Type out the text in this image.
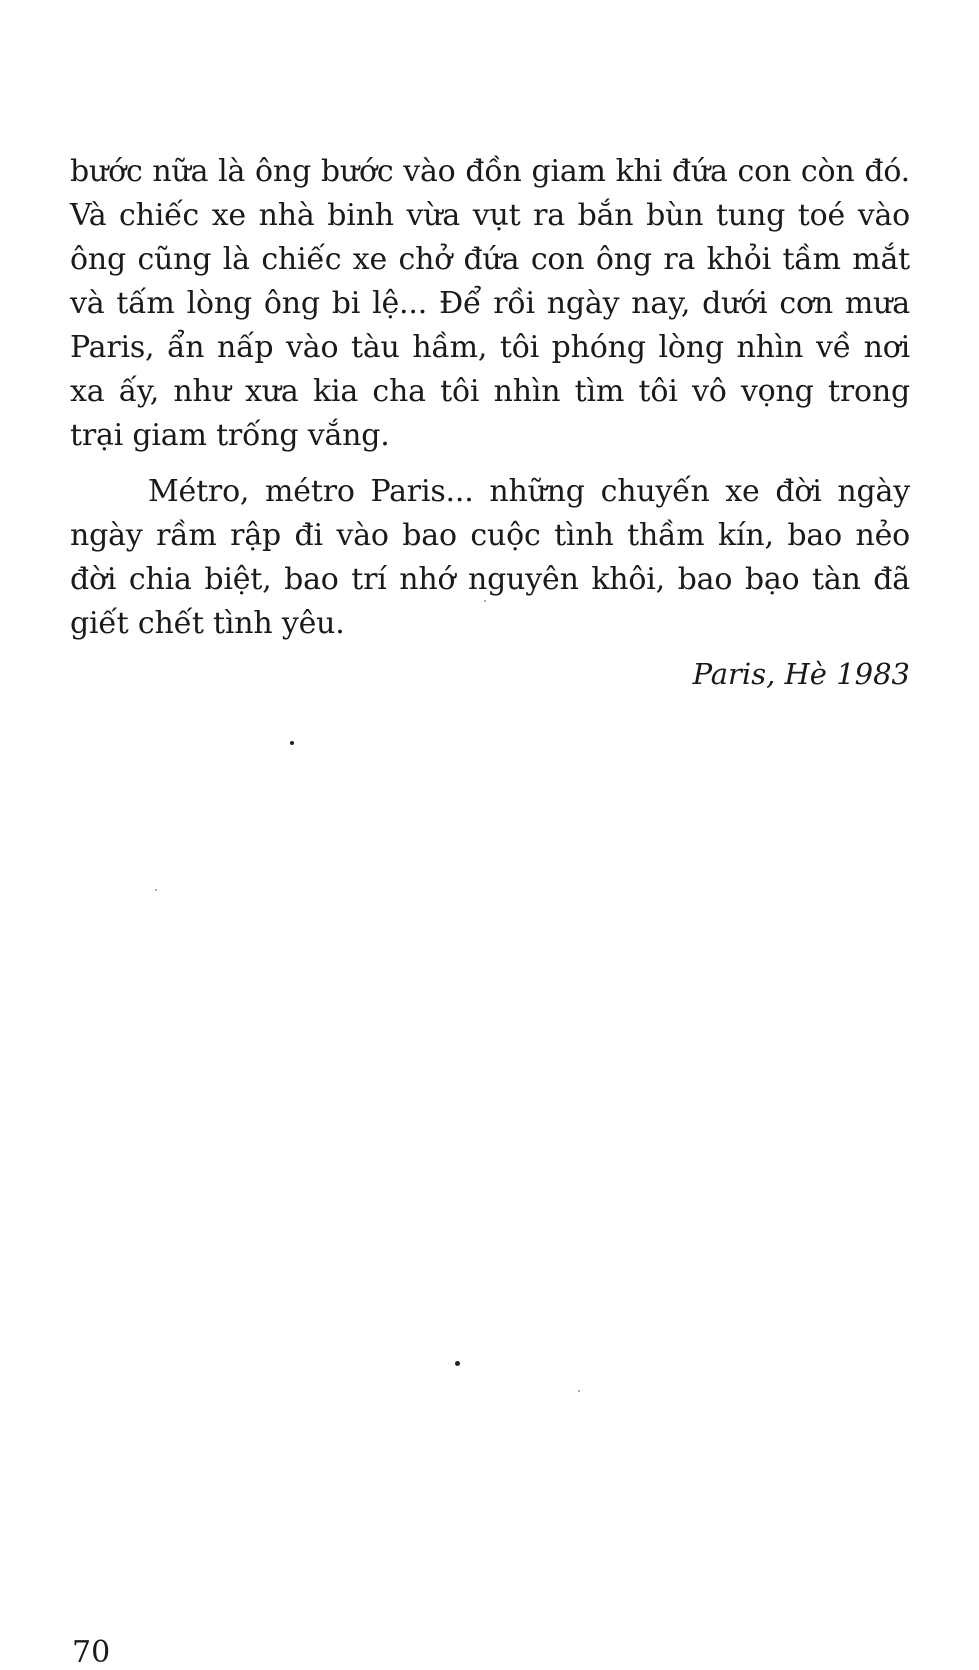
bước nữa là ông bước vào đồn giam khi đứa con còn đó. Và chiếc xe nhà binh vừa vụt ra bắn bùn tung toé vào ông cũng là chiếc xe chở đứa con ông ra khỏi tầm mắt và tấm lòng ông bi lệ... Để rồi ngày nay, dưới cơn mưa Paris, ẩn nấp vào tàu hầm, tôi phóng lòng nhìn về nơi xa ấy, như xưa kia cha tôi nhìn tìm tôi vô vọng trong trại giam trống vắng.

Métro, métro Paris... những chuyến xe đời ngày ngày rầm rập đi vào bao cuộc tình thầm kín, bao nẻo đời chia biệt, bao trí nhớ nguyên khôi, bao bạo tàn đã giết chết tình yêu.

Paris, Hè 1983
70
